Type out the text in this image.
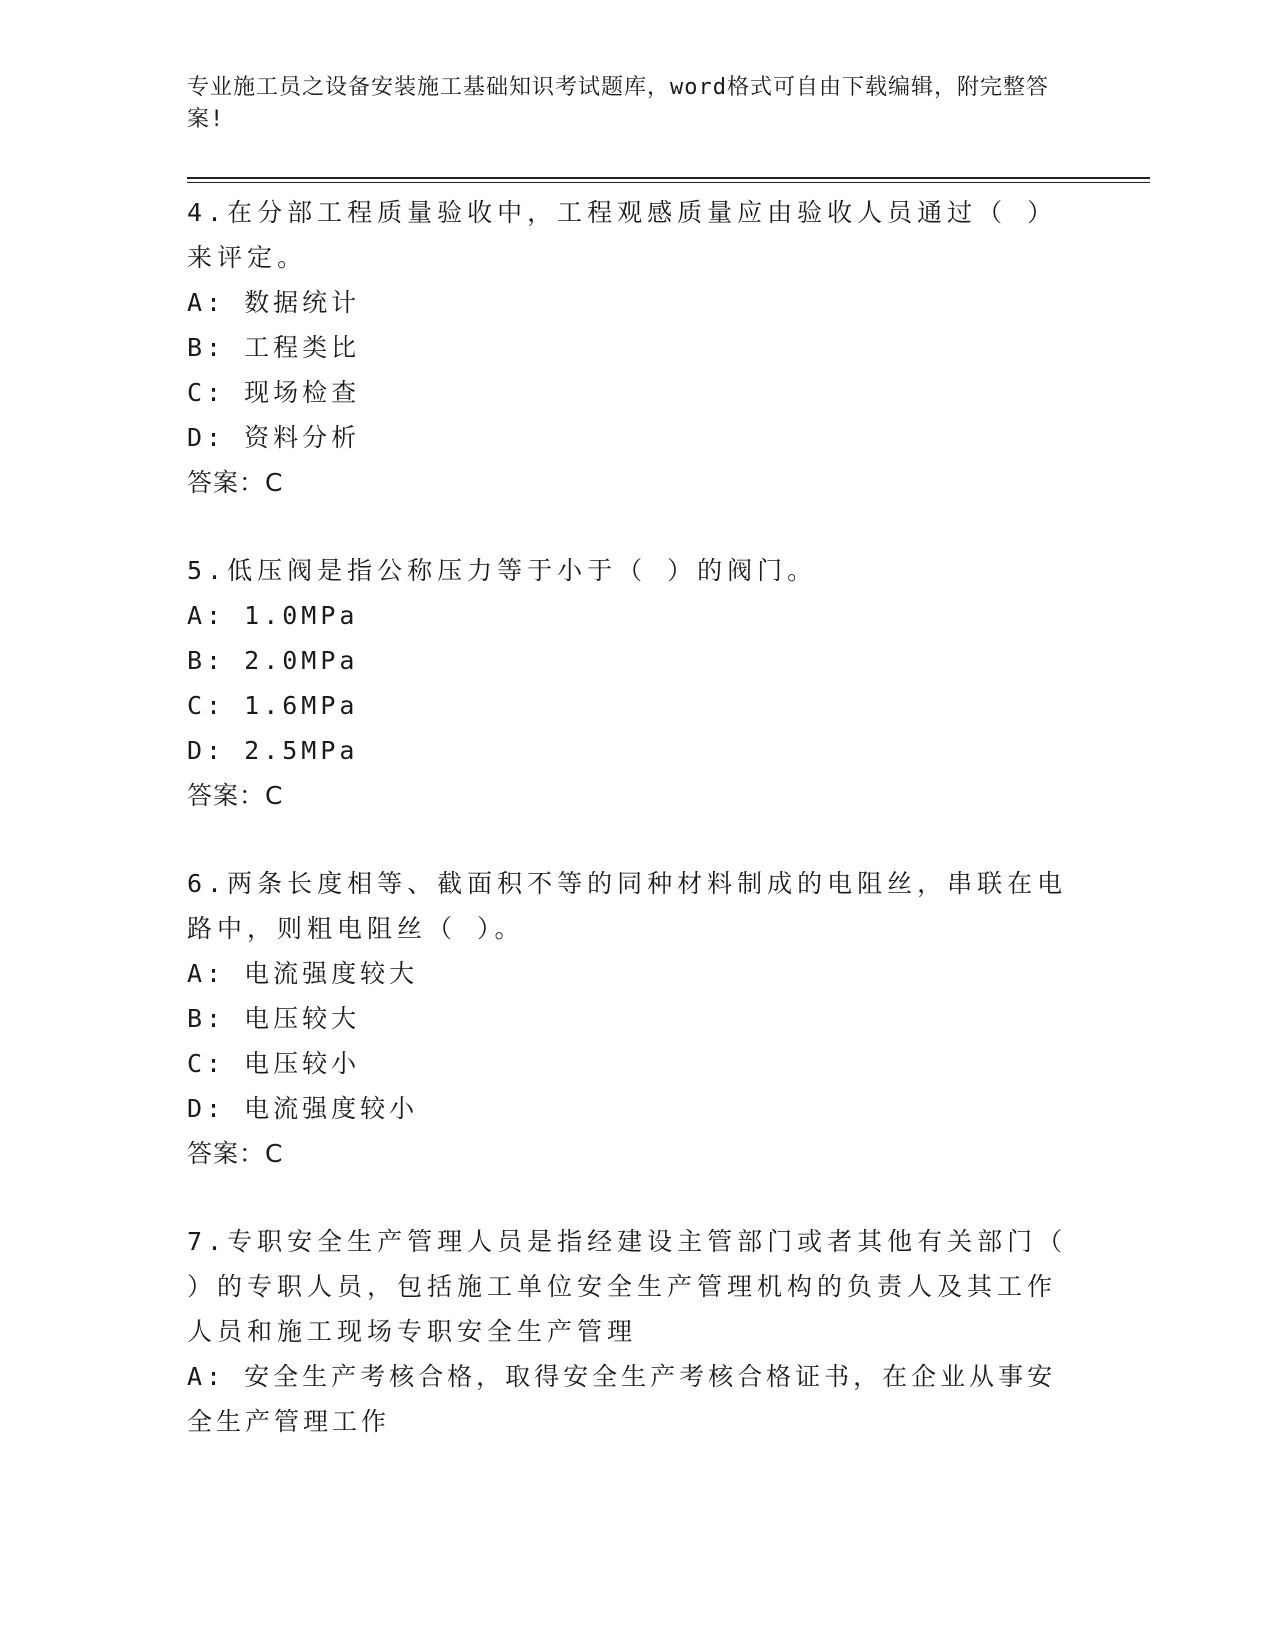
专业施工员之设备安装施工基础知识考试题库，word格式可自由下载编辑，附完整答案!

4.在分部工程质量验收中，工程观感质量应由验收人员通过（ ）来评定。

A: 数据统计

B: 工程类比

C: 现场检查

D: 资料分析

答案：C

5.低压阀是指公称压力等于小于（ ）的阀门。

A: 1.0MPa

B: 2.0MPa

C: 1.6MPa

D: 2.5MPa

答案：C

6.两条长度相等、截面积不等的同种材料制成的电阻丝，串联在电路中，则粗电阻丝（ ）。

A: 电流强度较大

B: 电压较大

C: 电压较小

D: 电流强度较小

答案：C

7.专职安全生产管理人员是指经建设主管部门或者其他有关部门（ ）的专职人员，包括施工单位安全生产管理机构的负责人及其工作人员和施工现场专职安全生产管理

A: 安全生产考核合格，取得安全生产考核合格证书，在企业从事安全生产管理工作
